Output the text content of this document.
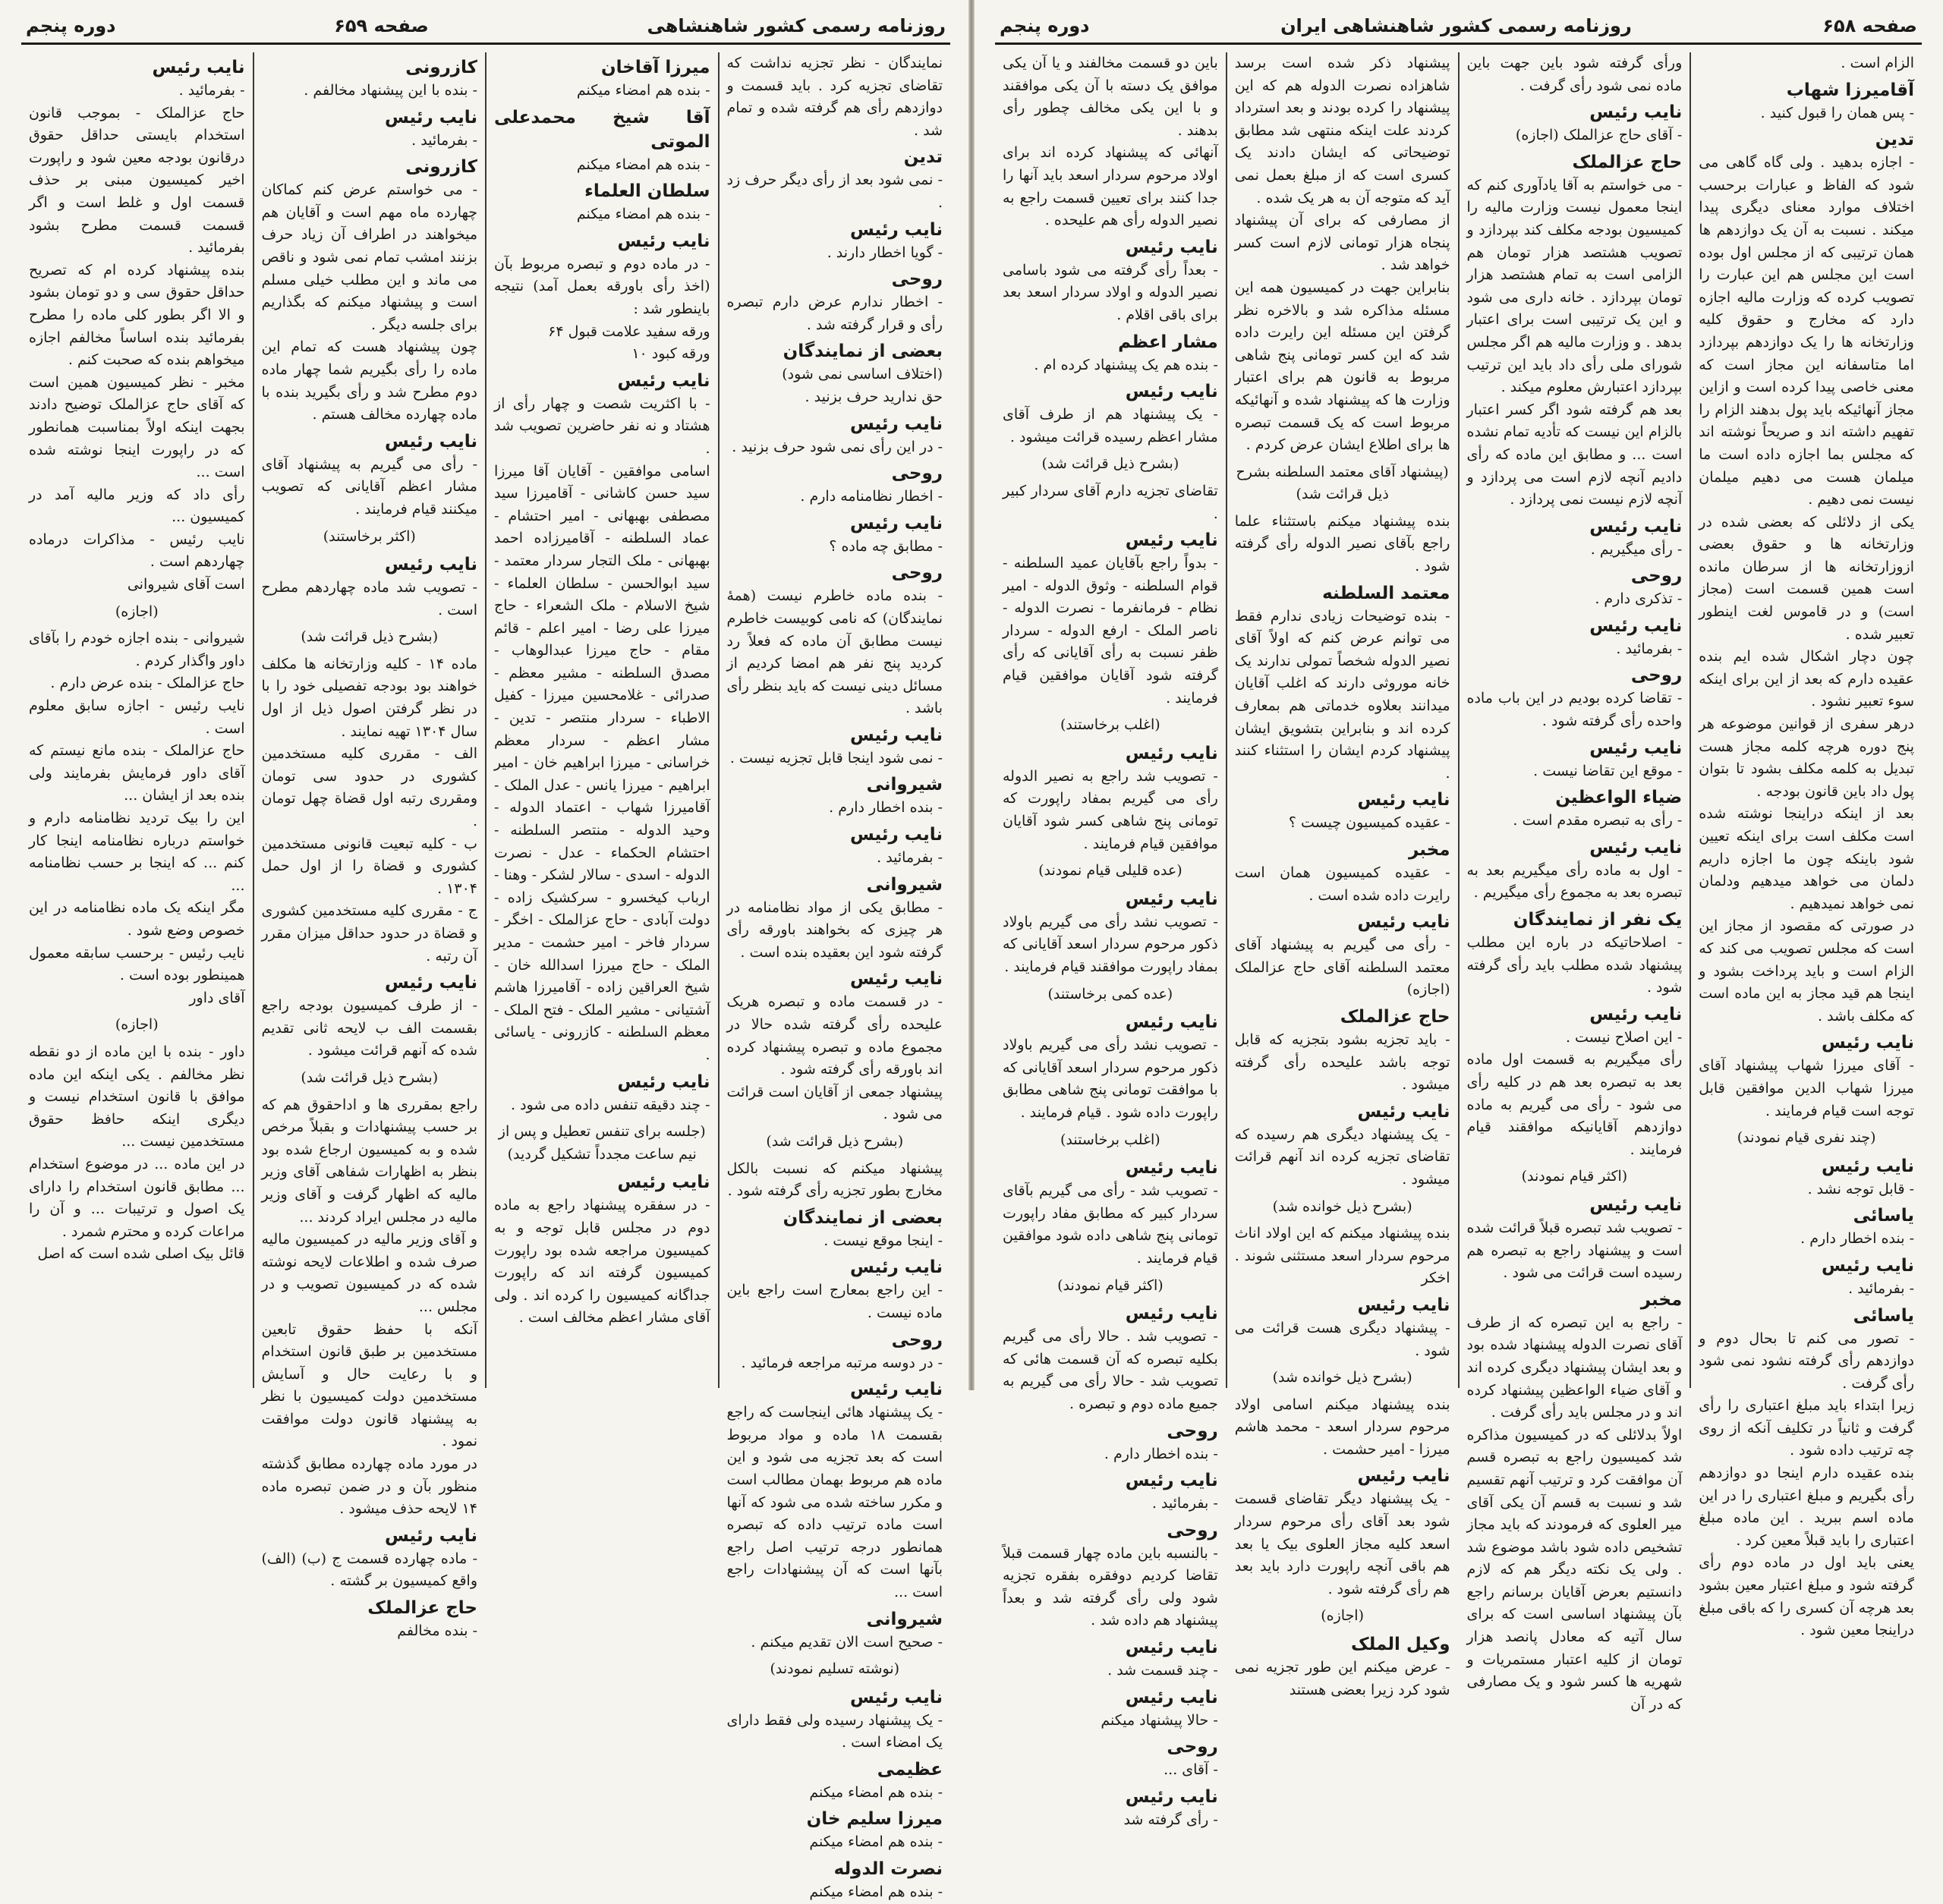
صفحه ۶۵۸
روزنامه رسمی کشور شاهنشاهی ایران
دوره پنجم

الزام است .

آقامیرزا شهاب

- پس همان را قبول کنید .

تدین

- اجازه بدهید . ولی گاه گاهی می شود که الفاظ و عبارات برحسب اختلاف موارد معنای دیگری پیدا میکند . نسبت به آن یک دوازدهم ها همان ترتیبی که از مجلس اول بوده است این مجلس هم این عبارت را تصویب کرده که وزارت مالیه اجازه دارد که مخارج و حقوق کلیه وزارتخانه ها را یک دوازدهم بپردازد اما متاسفانه این مجاز است که معنی خاصی پیدا کرده است و ازاین مجاز آنهائیکه باید پول بدهند الزام را تفهیم داشته اند و صریحاً نوشته اند که مجلس بما اجازه داده است ما میلمان هست می دهیم میلمان نیست نمی دهیم .

یکی از دلائلی که بعضی شده در وزارتخانه ها و حقوق بعضی ازوزارتخانه ها از سرطان مانده است همین قسمت است (مجاز است) و در قاموس لغت اینطور تعبیر شده .

چون دچار اشکال شده ایم بنده عقیده دارم که بعد از این برای اینکه سوء تعبیر نشود .

درهر سفری از قوانین موضوعه هر پنج دوره هرچه کلمه مجاز هست تبدیل به کلمه مکلف بشود تا بتوان پول داد باین قانون بودجه .

بعد از اینکه دراینجا نوشته شده است مکلف است برای اینکه تعیین شود باینکه چون ما اجازه داریم دلمان می خواهد میدهیم ودلمان نمی خواهد نمیدهیم .

در صورتی که مقصود از مجاز این است که مجلس تصویب می کند که الزام است و باید پرداخت بشود و اینجا هم قید مجاز به این ماده است که مکلف باشد .

نایب رئیس

- آقای میرزا شهاب پیشنهاد آقای میرزا شهاب الدین موافقین قابل توجه است قیام فرمایند .

(چند نفری قیام نمودند)

نایب رئیس

- قابل توجه نشد .

یاسائی

- بنده اخطار دارم .

نایب رئیس

- بفرمائید .

یاسائی

- تصور می کنم تا بحال دوم و دوازدهم رأی گرفته نشود نمی شود رأی گرفت .

زیرا ابتداء باید مبلغ اعتباری را رأی گرفت و ثانیاً در تکلیف آنکه از روی چه ترتیب داده شود .

بنده عقیده دارم اینجا دو دوازدهم رأی بگیریم و مبلغ اعتباری را در این ماده اسم ببرید . این ماده مبلغ اعتباری را باید قبلاً معین کرد .

یعنی باید اول در ماده دوم رأی گرفته شود و مبلغ اعتبار معین بشود بعد هرچه آن کسری را که باقی مبلغ دراینجا معین شود .

ورأی گرفته شود باین جهت باین ماده نمی شود رأی گرفت .

نایب رئیس

- آقای حاج عزالملک (اجازه)

حاج عزالملک

- می خواستم به آقا یادآوری کنم که اینجا معمول نیست وزارت مالیه را کمیسیون بودجه مکلف کند بپردازد و تصویب هشتصد هزار تومان هم الزامی است به تمام هشتصد هزار تومان بپردازد . خانه داری می شود و این یک ترتیبی است برای اعتبار بدهد . و وزارت مالیه هم اگر مجلس شورای ملی رأی داد باید این ترتیب بپردازد اعتبارش معلوم میکند .

بعد هم گرفته شود اگر کسر اعتبار بالزام این نیست که تأدیه تمام نشده است ... و مطابق این ماده که رأی دادیم آنچه لازم است می پردازد و آنچه لازم نیست نمی پردازد .

نایب رئیس

- رأی میگیریم .

روحی

- تذکری دارم .

نایب رئیس

- بفرمائید .

روحی

- تقاضا کرده بودیم در این باب ماده واحده رأی گرفته شود .

نایب رئیس

- موقع این تقاضا نیست .

ضیاء الواعظین

- رأی به تبصره مقدم است .

نایب رئیس

- اول به ماده رأی میگیریم بعد به تبصره بعد به مجموع رأی میگیریم .

یک نفر از نمایندگان

- اصلاحاتیکه در باره این مطلب پیشنهاد شده مطلب باید رأی گرفته شود .

نایب رئیس

- این اصلاح نیست .

رأی میگیریم به قسمت اول ماده بعد به تبصره بعد هم در کلیه رأی می شود - رأی می گیریم به ماده دوازدهم آقایانیکه موافقند قیام فرمایند .

(اکثر قیام نمودند)

نایب رئیس

- تصویب شد تبصره قبلاً قرائت شده است و پیشنهاد راجع به تبصره هم رسیده است قرائت می شود .

مخبر

- راجع به این تبصره که از طرف آقای نصرت الدوله پیشنهاد شده بود و بعد ایشان پیشنهاد دیگری کرده اند و آقای ضیاء الواعظین پیشنهاد کرده اند و در مجلس باید رأی گرفت .

اولاً بدلائلی که در کمیسیون مذاکره شد کمیسیون راجع به تبصره قسم آن موافقت کرد و ترتیب آنهم تقسیم شد و نسبت به قسم آن یکی آقای میر العلوی که فرمودند که باید مجاز تشخیص داده شود باشد موضوع شد . ولی یک نکته دیگر هم که لازم دانستیم بعرض آقایان برسانم راجع بآن پیشنهاد اساسی است که برای سال آتیه که معادل پانصد هزار تومان از کلیه اعتبار مستمریات و شهریه ها کسر شود و یک مصارفی که در آن

پیشنهاد ذکر شده است برسد شاهزاده نصرت الدوله هم که این پیشنهاد را کرده بودند و بعد استرداد کردند علت اینکه منتهی شد مطابق توضیحاتی که ایشان دادند یک کسری است که از مبلغ بعمل نمی آید که متوجه آن به هر یک شده .

از مصارفی که برای آن پیشنهاد پنجاه هزار تومانی لازم است کسر خواهد شد .

بنابراین جهت در کمیسیون همه این مسئله مذاکره شد و بالاخره نظر گرفتن این مسئله این رایرت داده شد که این کسر تومانی پنج شاهی مربوط به قانون هم برای اعتبار وزارت ها که پیشنهاد شده و آنهائیکه مربوط است که یک قسمت تبصره ها برای اطلاع ایشان عرض کردم .

(پیشنهاد آقای معتمد السلطنه بشرح ذیل قرائت شد)

بنده پیشنهاد میکنم باستثناء علما راجع بآقای نصیر الدوله رأی گرفته شود .

معتمد السلطنه

- بنده توضیحات زیادی ندارم فقط می توانم عرض کنم که اولاً آقای نصیر الدوله شخصاً تمولی ندارند یک خانه موروثی دارند که اغلب آقایان میدانند بعلاوه خدماتی هم بمعارف کرده اند و بنابراین بتشویق ایشان پیشنهاد کردم ایشان را استثناء کنند .

نایب رئیس

- عقیده کمیسیون چیست ؟

مخبر

- عقیده کمیسیون همان است رایرت داده شده است .

نایب رئیس

- رأی می گیریم به پیشنهاد آقای معتمد السلطنه آقای حاج عزالملک (اجازه)

حاج عزالملک

- باید تجزیه بشود بتجزیه که قابل توجه باشد علیحده رأی گرفته میشود .

نایب رئیس

- یک پیشنهاد دیگری هم رسیده که تقاضای تجزیه کرده اند آنهم قرائت میشود .

(بشرح ذیل خوانده شد)

بنده پیشنهاد میکنم که این اولاد اناث مرحوم سردار اسعد مستثنی شوند . اخکر

نایب رئیس

- پیشنهاد دیگری هست قرائت می شود .

(بشرح ذیل خوانده شد)

بنده پیشنهاد میکنم اسامی اولاد مرحوم سردار اسعد - محمد هاشم میرزا - امیر حشمت .

نایب رئیس

- یک پیشنهاد دیگر تقاضای قسمت شود بعد آقای رأی مرحوم سردار اسعد کلیه مجاز العلوی بیک یا بعد هم باقی آنچه راپورت دارد باید بعد هم رأی گرفته شود .

(اجازه)

وکیل الملک

- عرض میکنم این طور تجزیه نمی شود کرد زیرا بعضی هستند

باین دو قسمت مخالفند و یا آن یکی موافق یک دسته با آن یکی موافقند و با این یکی مخالف چطور رأی بدهند .

آنهائی که پیشنهاد کرده اند برای اولاد مرحوم سردار اسعد باید آنها را جدا کنند برای تعیین قسمت راجع به نصیر الدوله رأی هم علیحده .

نایب رئیس

- بعداً رأی گرفته می شود باسامی نصیر الدوله و اولاد سردار اسعد بعد برای باقی اقلام .

مشار اعظم

- بنده هم یک پیشنهاد کرده ام .

نایب رئیس

- یک پیشنهاد هم از طرف آقای مشار اعظم رسیده قرائت میشود .

(بشرح ذیل قرائت شد)

تقاضای تجزیه دارم آقای سردار کبیر .

نایب رئیس

- بدواً راجع بآقایان عمید السلطنه - قوام السلطنه - وثوق الدوله - امیر نظام - فرمانفرما - نصرت الدوله - ناصر الملک - ارفع الدوله - سردار ظفر نسبت به رأی آقایانی که رأی گرفته شود آقایان موافقین قیام فرمایند .

(اغلب برخاستند)

نایب رئیس

- تصویب شد راجع به نصیر الدوله رأی می گیریم بمفاد راپورت که تومانی پنج شاهی کسر شود آقایان موافقین قیام فرمایند .

(عده قلیلی قیام نمودند)

نایب رئیس

- تصویب نشد رأی می گیریم باولاد ذکور مرحوم سردار اسعد آقایانی که بمفاد راپورت موافقند قیام فرمایند .

(عده کمی برخاستند)

نایب رئیس

- تصویب نشد رأی می گیریم باولاد ذکور مرحوم سردار اسعد آقایانی که با موافقت تومانی پنج شاهی مطابق راپورت داده شود . قیام فرمایند .

(اغلب برخاستند)

نایب رئیس

- تصویب شد - رأی می گیریم بآقای سردار کبیر که مطابق مفاد راپورت تومانی پنج شاهی داده شود موافقین قیام فرمایند .

(اکثر قیام نمودند)

نایب رئیس

- تصویب شد . حالا رأی می گیریم بکلیه تبصره که آن قسمت هائی که تصویب شد - حالا رأی می گیریم به جمیع ماده دوم و تبصره .

روحی

- بنده اخطار دارم .

نایب رئیس

- بفرمائید .

روحی

- بالنسبه باین ماده چهار قسمت قبلاً تقاضا کردیم دوفقره بفقره تجزیه شود ولی رأی گرفته شد و بعداً پیشنهاد هم داده شد .

نایب رئیس

- چند قسمت شد .

نایب رئیس

- حالا پیشنهاد میکنم

روحی

- آقای ...

نایب رئیس

- رأی گرفته شد

روزنامه رسمی کشور شاهنشاهی
صفحه ۶۵۹
دوره پنجم

نمایندگان - نظر تجزیه نداشت که تقاضای تجزیه کرد . باید قسمت و دوازدهم رأی هم گرفته شده و تمام شد .

تدین

- نمی شود بعد از رأی دیگر حرف زد .

نایب رئیس

- گویا اخطار دارند .

روحی

- اخطار ندارم عرض دارم تبصره رأی و قرار گرفته شد .

بعضی از نمایندگان

(اختلاف اساسی نمی شود)

حق ندارید حرف بزنید .

نایب رئیس

- در این رأی نمی شود حرف بزنید .

روحی

- اخطار نظامنامه دارم .

نایب رئیس

- مطابق چه ماده ؟

روحی

- بنده ماده خاطرم نیست (همهٔ نمایندگان) که نامی کوبیست خاطرم نیست مطابق آن ماده که فعلاً رد کردید پنج نفر هم امضا کردیم از مسائل دینی نیست که باید بنظر رأی باشد .

نایب رئیس

- نمی شود اینجا قابل تجزیه نیست .

شیروانی

- بنده اخطار دارم .

نایب رئیس

- بفرمائید .

شیروانی

- مطابق یکی از مواد نظامنامه در هر چیزی که بخواهند باورقه رأی گرفته شود این بعقیده بنده است .

نایب رئیس

- در قسمت ماده و تبصره هریک علیحده رأی گرفته شده حالا در مجموع ماده و تبصره پیشنهاد کرده اند باورقه رأی گرفته شود .

پیشنهاد جمعی از آقایان است قرائت می شود .

(بشرح ذیل قرائت شد)

پیشنهاد میکنم که نسبت بالکل مخارج بطور تجزیه رأی گرفته شود .

بعضی از نمایندگان

- اینجا موقع نیست .

نایب رئیس

- این راجع بمعارج است راجع باین ماده نیست .

روحی

- در دوسه مرتبه مراجعه فرمائید .

نایب رئیس

- یک پیشنهاد هائی اینجاست که راجع بقسمت ۱۸ ماده و مواد مربوط است که بعد تجزیه می شود و این ماده هم مربوط بهمان مطالب است و مکرر ساخته شده می شود که آنها است ماده ترتیب داده که تبصره همانطور درجه ترتیب اصل راجع بآنها است که آن پیشنهادات راجع است ...

شیروانی

- صحیح است الان تقدیم میکنم .

(نوشته تسلیم نمودند)

نایب رئیس

- یک پیشنهاد رسیده ولی فقط دارای یک امضاء است .

عظیمی

- بنده هم امضاء میکنم

میرزا سلیم خان

- بنده هم امضاء میکنم

نصرت الدوله

- بنده هم امضاء میکنم

میرزا آقاخان

- بنده هم امضاء میکنم

آقا شیخ محمدعلی الموتی

- بنده هم امضاء میکنم

سلطان العلماء

- بنده هم امضاء میکنم

نایب رئیس

- در ماده دوم و تبصره مربوط بآن (اخذ رأی باورقه بعمل آمد) نتیجه باینطور شد :

ورقه سفید علامت قبول ۶۴

ورقه کبود ۱۰

نایب رئیس

- با اکثریت شصت و چهار رأی از هشتاد و نه نفر حاضرین تصویب شد .

اسامی موافقین - آقایان آقا میرزا سید حسن کاشانی - آقامیرزا سید مصطفی بهبهانی - امیر احتشام - عماد السلطنه - آقامیرزاده احمد بهبهانی - ملک التجار سردار معتمد - سید ابوالحسن - سلطان العلماء - شیخ الاسلام - ملک الشعراء - حاج میرزا علی رضا - امیر اعلم - قائم مقام - حاج میرزا عبدالوهاب - مصدق السلطنه - مشیر معظم - صدرائی - غلامحسین میرزا - کفیل الاطباء - سردار منتصر - تدین - مشار اعظم - سردار معظم خراسانی - میرزا ابراهیم خان - امیر ابراهیم - میرزا یانس - عدل الملک - آقامیرزا شهاب - اعتماد الدوله - وحید الدوله - منتصر السلطنه - احتشام الحکماء - عدل - نصرت الدوله - اسدی - سالار لشکر - وهنا - ارباب کیخسرو - سرکشیک زاده - دولت آبادی - حاج عزالملک - اخگر - سردار فاخر - امیر حشمت - مدیر الملک - حاج میرزا اسدالله خان - شیخ العراقین زاده - آقامیرزا هاشم آشتیانی - مشیر الملک - فتح الملک - معظم السلطنه - کازرونی - یاسائی .

نایب رئیس

- چند دقیقه تنفس داده می شود .

(جلسه برای تنفس تعطیل و پس از نیم ساعت مجدداً تشکیل گردید)

نایب رئیس

- در سفقره پیشنهاد راجع به ماده دوم در مجلس قابل توجه و به کمیسیون مراجعه شده بود راپورت کمیسیون گرفته اند که راپورت جداگانه کمیسیون را کرده اند . ولی آقای مشار اعظم مخالف است .

کازرونی

- بنده با این پیشنهاد مخالفم .

نایب رئیس

- بفرمائید .

کازرونی

- می خواستم عرض کنم کماکان چهارده ماه مهم است و آقایان هم میخواهند در اطراف آن زیاد حرف بزنند امشب تمام نمی شود و ناقص می ماند و این مطلب خیلی مسلم است و پیشنهاد میکنم که بگذاریم برای جلسه دیگر .

چون پیشنهاد هست که تمام این ماده را رأی بگیریم شما چهار ماده دوم مطرح شد و رأی بگیرید بنده با ماده چهارده مخالف هستم .

نایب رئیس

- رأی می گیریم به پیشنهاد آقای مشار اعظم آقایانی که تصویب میکنند قیام فرمایند .

(اکثر برخاستند)

نایب رئیس

- تصویب شد ماده چهاردهم مطرح است .

(بشرح ذیل قرائت شد)

ماده ۱۴ - کلیه وزارتخانه ها مکلف خواهند بود بودجه تفصیلی خود را با در نظر گرفتن اصول ذیل از اول سال ۱۳۰۴ تهیه نمایند .

الف - مقرری کلیه مستخدمین کشوری در حدود سی تومان ومقرری رتبه اول قضاة چهل تومان .

ب - کلیه تبعیت قانونی مستخدمین کشوری و قضاة را از اول حمل ۱۳۰۴ .

ج - مقرری کلیه مستخدمین کشوری و قضاة در حدود حداقل میزان مقرر آن رتبه .

نایب رئیس

- از طرف کمیسیون بودجه راجع بقسمت الف ب لایحه ثانی تقدیم شده که آنهم قرائت میشود .

(بشرح ذیل قرائت شد)

راجع بمقرری ها و اداحقوق هم که بر حسب پیشنهادات و بقبلاً مرخص شده و به کمیسیون ارجاع شده بود بنظر به اظهارات شفاهی آقای وزیر مالیه که اظهار گرفت و آقای وزیر مالیه در مجلس ایراد کردند ...

و آقای وزیر مالیه در کمیسیون مالیه صرف شده و اطلاعات لایحه نوشته شده که در کمیسیون تصویب و در مجلس ...

آنکه با حفظ حقوق تابعین مستخدمین بر طبق قانون استخدام و با رعایت حال و آسایش مستخدمین دولت کمیسیون با نظر به پیشنهاد قانون دولت موافقت نمود .

در مورد ماده چهارده مطابق گذشته منظور بآن و در ضمن تبصره ماده ۱۴ لایحه حذف میشود .

نایب رئیس

- ماده چهارده قسمت ج (ب) (الف) واقع کمیسیون بر گشته .

حاج عزالملک

- بنده مخالفم

نایب رئیس

- بفرمائید .

حاج عزالملک - بموجب قانون استخدام بایستی حداقل حقوق درقانون بودجه معین شود و راپورت اخیر کمیسیون مبنی بر حذف قسمت اول و غلط است و اگر قسمت قسمت مطرح بشود بفرمائید .

بنده پیشنهاد کرده ام که تصریح حداقل حقوق سی و دو تومان بشود و الا اگر بطور کلی ماده را مطرح بفرمائید بنده اساساً مخالفم اجازه میخواهم بنده که صحبت کنم .

مخبر - نظر کمیسیون همین است که آقای حاج عزالملک توضیح دادند بجهت اینکه اولاً بمناسبت همانطور که در راپورت اینجا نوشته شده است ...

رأی داد که وزیر مالیه آمد در کمیسیون ...

نایب رئیس - مذاکرات درماده چهاردهم است .

است آقای شیروانی

(اجازه)

شیروانی - بنده اجازه خودم را بآقای داور واگذار کردم .

حاج عزالملک - بنده عرض دارم .

نایب رئیس - اجازه سابق معلوم است .

حاج عزالملک - بنده مانع نیستم که آقای داور فرمایش بفرمایند ولی بنده بعد از ایشان ...

این را بیک تردید نظامنامه دارم و خواستم درباره نظامنامه اینجا کار کنم ... که اینجا بر حسب نظامنامه ...

مگر اینکه یک ماده نظامنامه در این خصوص وضع شود .

نایب رئیس - برحسب سابقه معمول همینطور بوده است .

آقای داور

(اجازه)

داور - بنده با این ماده از دو نقطه نظر مخالفم . یکی اینکه این ماده موافق با قانون استخدام نیست و دیگری اینکه حافظ حقوق مستخدمین نیست ...

در این ماده ... در موضوع استخدام ... مطابق قانون استخدام را دارای یک اصول و ترتیبات ... و آن را مراعات کرده و محترم شمرد .

قائل بیک اصلی شده است که اصل
